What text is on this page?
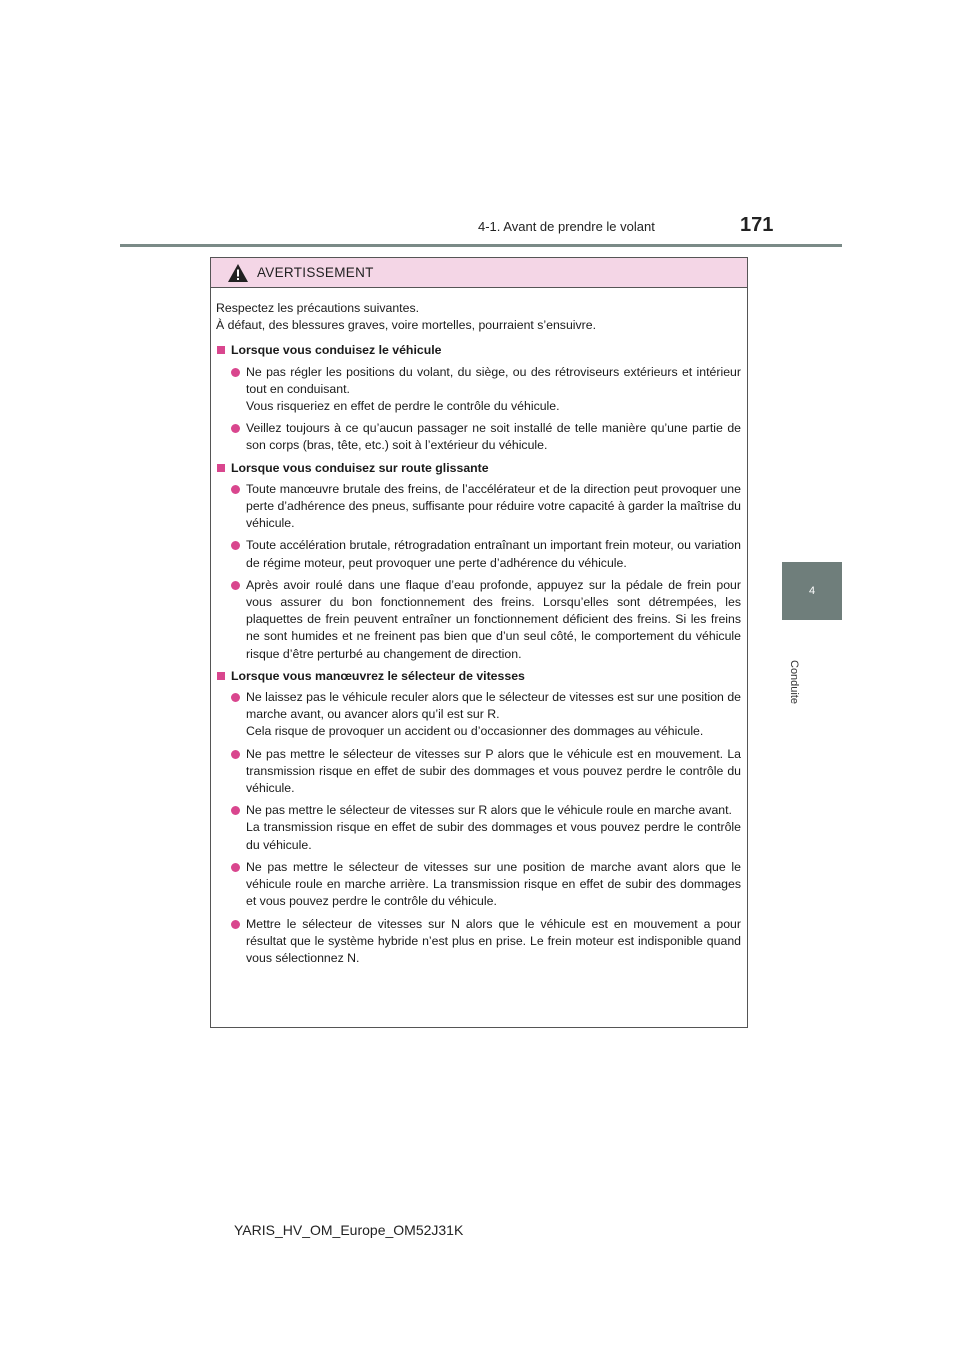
4-1. Avant de prendre le volant	171
4
Conduite
AVERTISSEMENT
Respectez les précautions suivantes.
À défaut, des blessures graves, voire mortelles, pourraient s’ensuivre.
Lorsque vous conduisez le véhicule
Ne pas régler les positions du volant, du siège, ou des rétroviseurs extérieurs et intérieur tout en conduisant.
Vous risqueriez en effet de perdre le contrôle du véhicule.
Veillez toujours à ce qu’aucun passager ne soit installé de telle manière qu’une partie de son corps (bras, tête, etc.) soit à l’extérieur du véhicule.
Lorsque vous conduisez sur route glissante
Toute manœuvre brutale des freins, de l’accélérateur et de la direction peut provoquer une perte d’adhérence des pneus, suffisante pour réduire votre capacité à garder la maîtrise du véhicule.
Toute accélération brutale, rétrogradation entraînant un important frein moteur, ou variation de régime moteur, peut provoquer une perte d’adhérence du véhicule.
Après avoir roulé dans une flaque d’eau profonde, appuyez sur la pédale de frein pour vous assurer du bon fonctionnement des freins. Lorsqu’elles sont détrempées, les plaquettes de frein peuvent entraîner un fonctionnement déficient des freins. Si les freins ne sont humides et ne freinent pas bien que d’un seul côté, le comportement du véhicule risque d’être perturbé au changement de direction.
Lorsque vous manœuvrez le sélecteur de vitesses
Ne laissez pas le véhicule reculer alors que le sélecteur de vitesses est sur une position de marche avant, ou avancer alors qu’il est sur R.
Cela risque de provoquer un accident ou d’occasionner des dommages au véhicule.
Ne pas mettre le sélecteur de vitesses sur P alors que le véhicule est en mouvement. La transmission risque en effet de subir des dommages et vous pouvez perdre le contrôle du véhicule.
Ne pas mettre le sélecteur de vitesses sur R alors que le véhicule roule en marche avant.
La transmission risque en effet de subir des dommages et vous pouvez perdre le contrôle du véhicule.
Ne pas mettre le sélecteur de vitesses sur une position de marche avant alors que le véhicule roule en marche arrière. La transmission risque en effet de subir des dommages et vous pouvez perdre le contrôle du véhicule.
Mettre le sélecteur de vitesses sur N alors que le véhicule est en mouvement a pour résultat que le système hybride n’est plus en prise. Le frein moteur est indisponible quand vous sélectionnez N.
YARIS_HV_OM_Europe_OM52J31K
